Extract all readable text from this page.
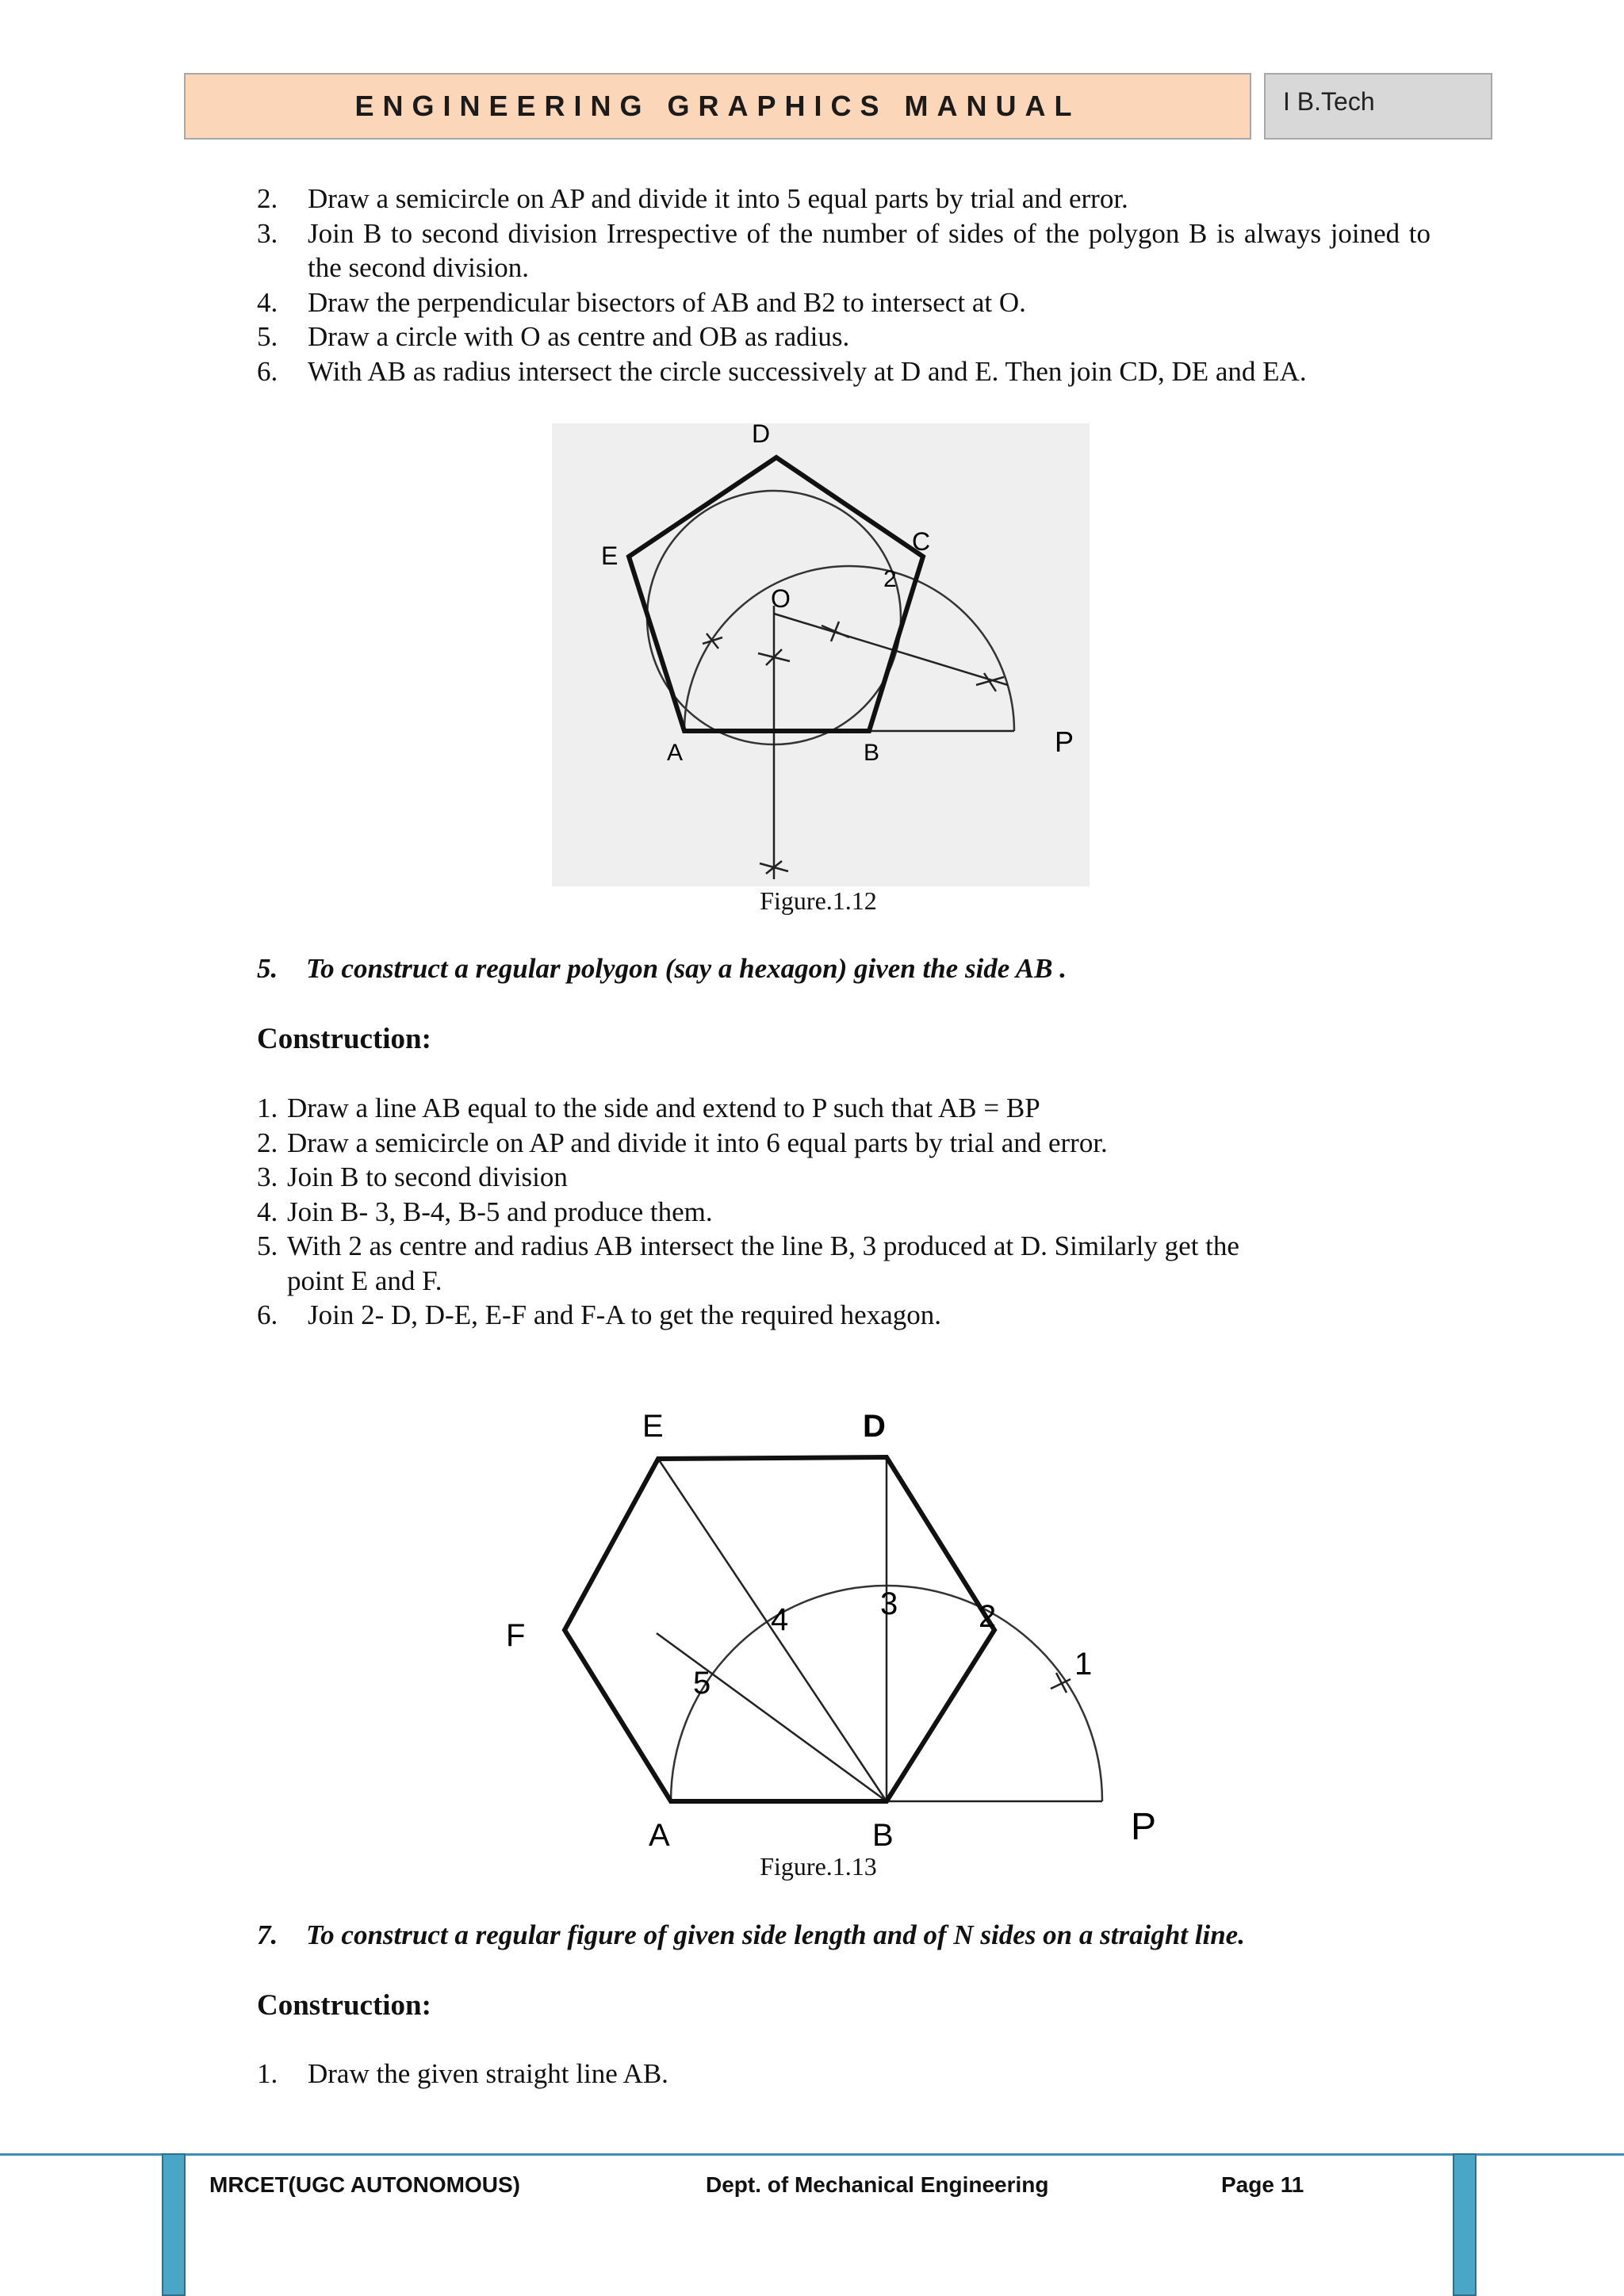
ENGINEERING GRAPHICS MANUAL	I B.Tech
2.	Draw a semicircle on AP and divide it into 5 equal parts by trial and error.
3.	Join B to second division Irrespective of the number of sides of the polygon B is always joined to the second division.
4.	Draw the perpendicular bisectors of AB and B2 to intersect at O.
5.	Draw a circle with O as centre and OB as radius.
6.	With AB as radius intersect the circle successively at D and E. Then join CD, DE and EA.
D
E	C
2
O
A	B	P
Figure.1.12
5. To construct a regular polygon (say a hexagon) given the side AB .
Construction:
1. Draw a line AB equal to the side and extend to P such that AB = BP
2. Draw a semicircle on AP and divide it into 6 equal parts by trial and error.
3. Join B to second division
4. Join B- 3, B-4, B-5 and produce them.
5. With 2 as centre and radius AB intersect the line B, 3 produced at D. Similarly get the point E and F.
6.	Join 2- D, D-E, E-F and F-A to get the required hexagon.
E	D
F	4	3	2
1
5
A	B	P
Figure.1.13
7. To construct a regular figure of given side length and of N sides on a straight line.
Construction:
1.	Draw the given straight line AB.
MRCET(UGC AUTONOMOUS)	Dept. of Mechanical Engineering	Page 11
